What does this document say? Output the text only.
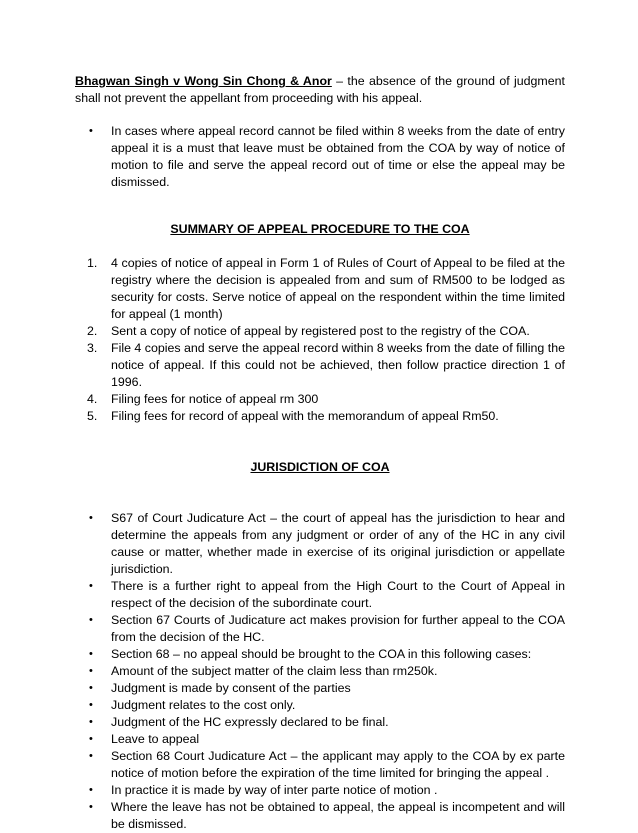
Bhagwan Singh v Wong Sin Chong & Anor – the absence of the ground of judgment shall not prevent the appellant from proceeding with his appeal.

• In cases where appeal record cannot be filed within 8 weeks from the date of entry appeal it is a must that leave must be obtained from the COA by way of notice of motion to file and serve the appeal record out of time or else the appeal may be dismissed.

SUMMARY OF APPEAL PROCEDURE TO THE COA

1. 4 copies of notice of appeal in Form 1 of Rules of Court of Appeal to be filed at the registry where the decision is appealed from and sum of RM500 to be lodged as security for costs. Serve notice of appeal on the respondent within the time limited for appeal (1 month)
2. Sent a copy of notice of appeal by registered post to the registry of the COA.
3. File 4 copies and serve the appeal record within 8 weeks from the date of filling the notice of appeal. If this could not be achieved, then follow practice direction 1 of 1996.
4. Filing fees for notice of appeal rm 300
5. Filing fees for record of appeal with the memorandum of appeal Rm50.

JURISDICTION OF COA

• S67 of Court Judicature Act – the court of appeal has the jurisdiction to hear and determine the appeals from any judgment or order of any of the HC in any civil cause or matter, whether made in exercise of its original jurisdiction or appellate jurisdiction.
• There is a further right to appeal from the High Court to the Court of Appeal in respect of the decision of the subordinate court.
• Section 67 Courts of Judicature act makes provision for further appeal to the COA from the decision of the HC.
• Section 68 – no appeal should be brought to the COA in this following cases:
• Amount of the subject matter of the claim less than rm250k.
• Judgment is made by consent of the parties
• Judgment relates to the cost only.
• Judgment of the HC expressly declared to be final.
• Leave to appeal
• Section 68 Court Judicature Act – the applicant may apply to the COA by ex parte notice of motion before the expiration of the time limited for bringing the appeal .
• In practice it is made by way of inter parte notice of motion .
• Where the leave has not be obtained to appeal, the appeal is incompetent and will be dismissed.
